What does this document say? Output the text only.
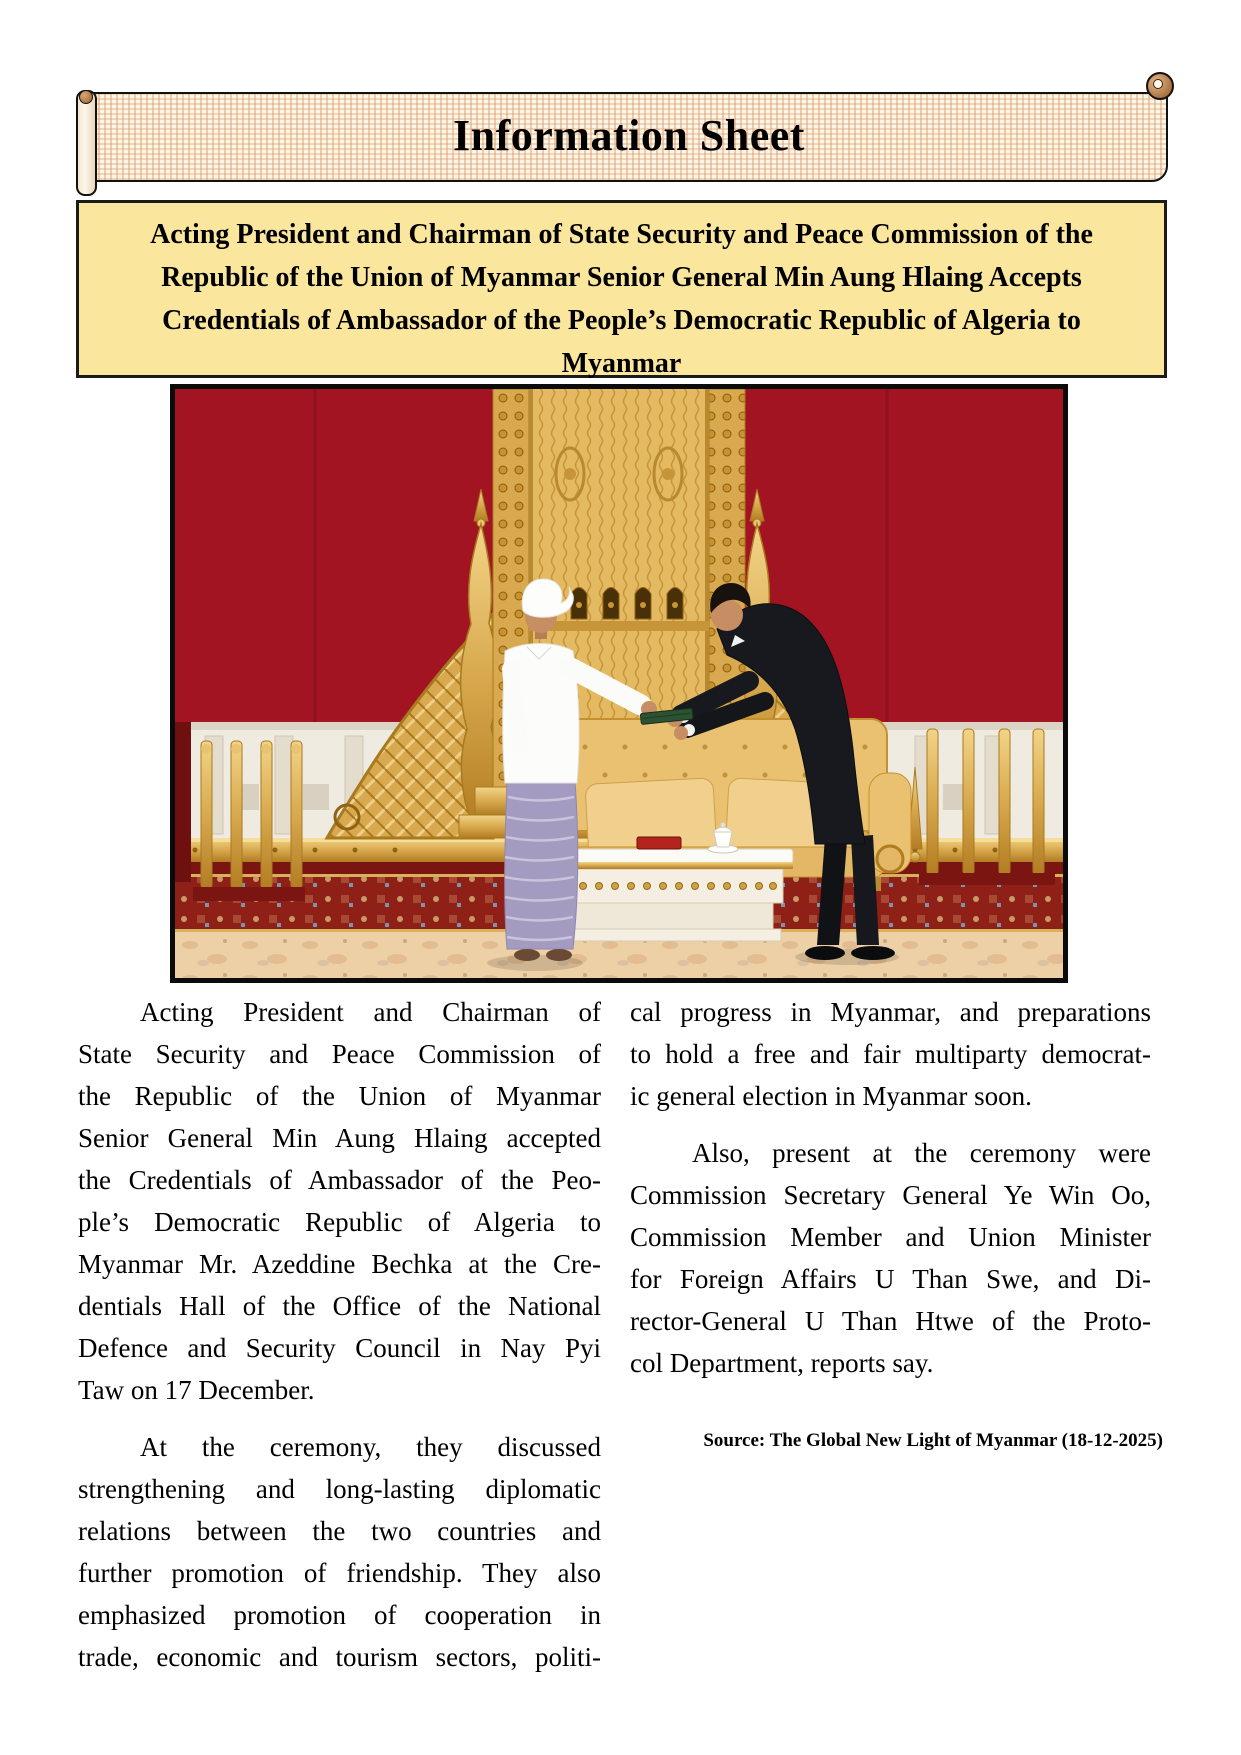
Information Sheet
Acting President and Chairman of State Security and Peace Commission of the
Republic of the Union of Myanmar Senior General Min Aung Hlaing Accepts
Credentials of Ambassador of the People’s Democratic Republic of Algeria to
Myanmar
Acting President and Chairman of
State Security and Peace Commission of
the Republic of the Union of Myanmar
Senior General Min Aung Hlaing accepted
the Credentials of Ambassador of the Peo-
ple’s Democratic Republic of Algeria to
Myanmar Mr. Azeddine Bechka at the Cre-
dentials Hall of the Office of the National
Defence and Security Council in Nay Pyi
Taw on 17 December.
At the ceremony, they discussed
strengthening and long-lasting diplomatic
relations between the two countries and
further promotion of friendship. They also
emphasized promotion of cooperation in
trade, economic and tourism sectors, politi-
cal progress in Myanmar, and preparations
to hold a free and fair multiparty democrat-
ic general election in Myanmar soon.
Also, present at the ceremony were
Commission Secretary General Ye Win Oo,
Commission Member and Union Minister
for Foreign Affairs U Than Swe, and Di-
rector-General U Than Htwe of the Proto-
col Department, reports say.
Source: The Global New Light of Myanmar (18-12-2025)
